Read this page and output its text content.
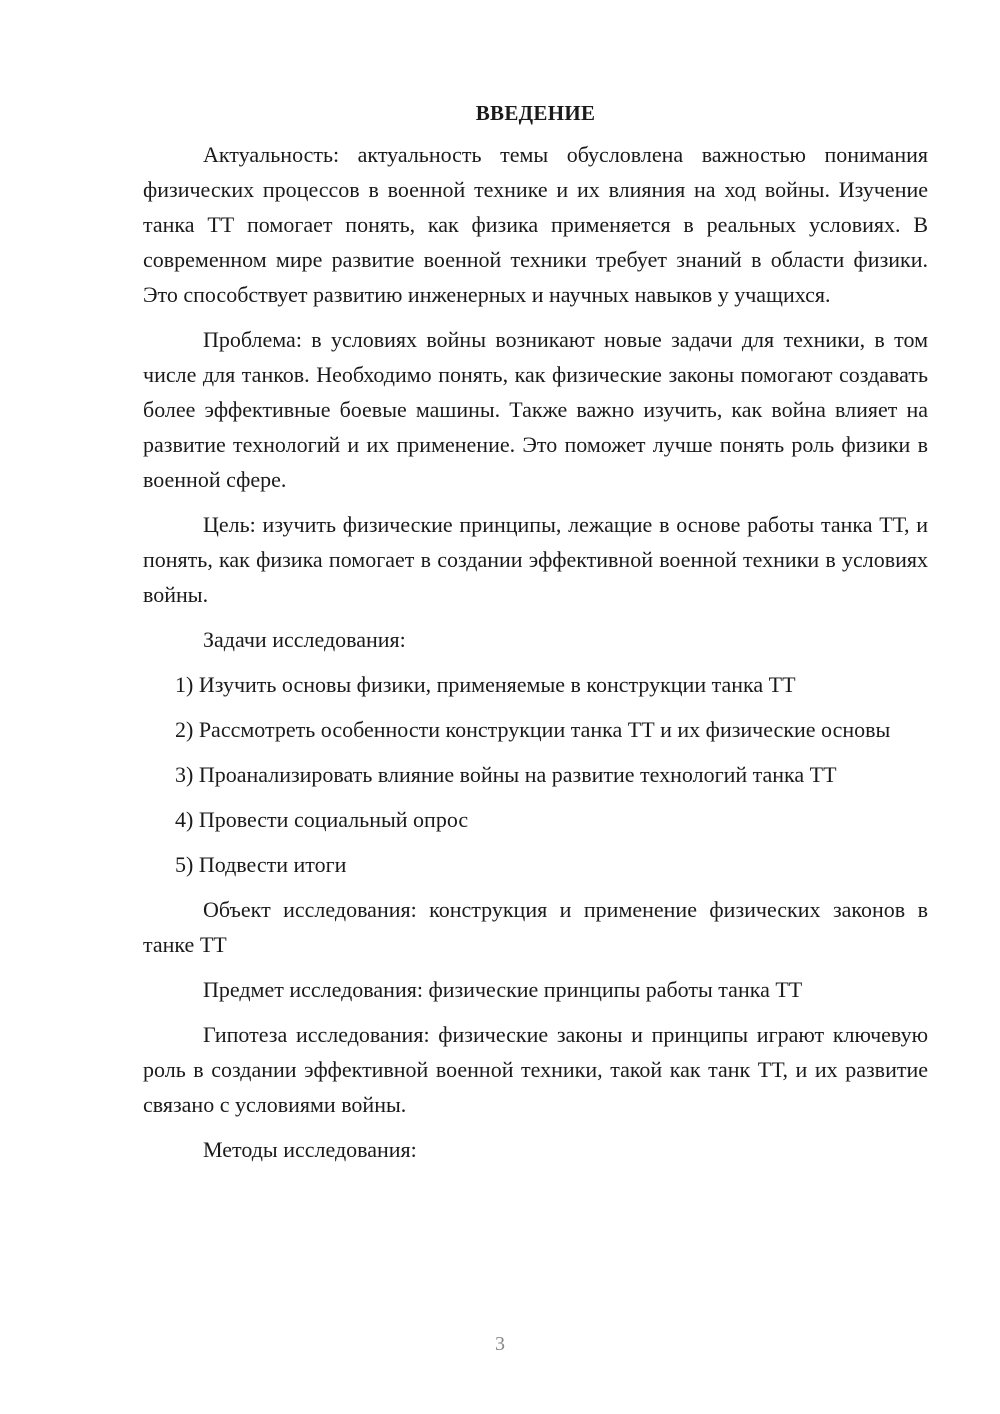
ВВЕДЕНИЕ

Актуальность: актуальность темы обусловлена важностью понимания физических процессов в военной технике и их влияния на ход войны. Изучение танка ТТ помогает понять, как физика применяется в реальных условиях. В современном мире развитие военной техники требует знаний в области физики. Это способствует развитию инженерных и научных навыков у учащихся.

Проблема: в условиях войны возникают новые задачи для техники, в том числе для танков. Необходимо понять, как физические законы помогают создавать более эффективные боевые машины. Также важно изучить, как война влияет на развитие технологий и их применение. Это поможет лучше понять роль физики в военной сфере.

Цель: изучить физические принципы, лежащие в основе работы танка ТТ, и понять, как физика помогает в создании эффективной военной техники в условиях войны.

Задачи исследования:

1) Изучить основы физики, применяемые в конструкции танка ТТ

2) Рассмотреть особенности конструкции танка ТТ и их физические основы

3) Проанализировать влияние войны на развитие технологий танка ТТ

4) Провести социальный опрос

5) Подвести итоги

Объект исследования: конструкция и применение физических законов в танке ТТ

Предмет исследования: физические принципы работы танка ТТ

Гипотеза исследования: физические законы и принципы играют ключевую роль в создании эффективной военной техники, такой как танк ТТ, и их развитие связано с условиями войны.

Методы исследования:

3
